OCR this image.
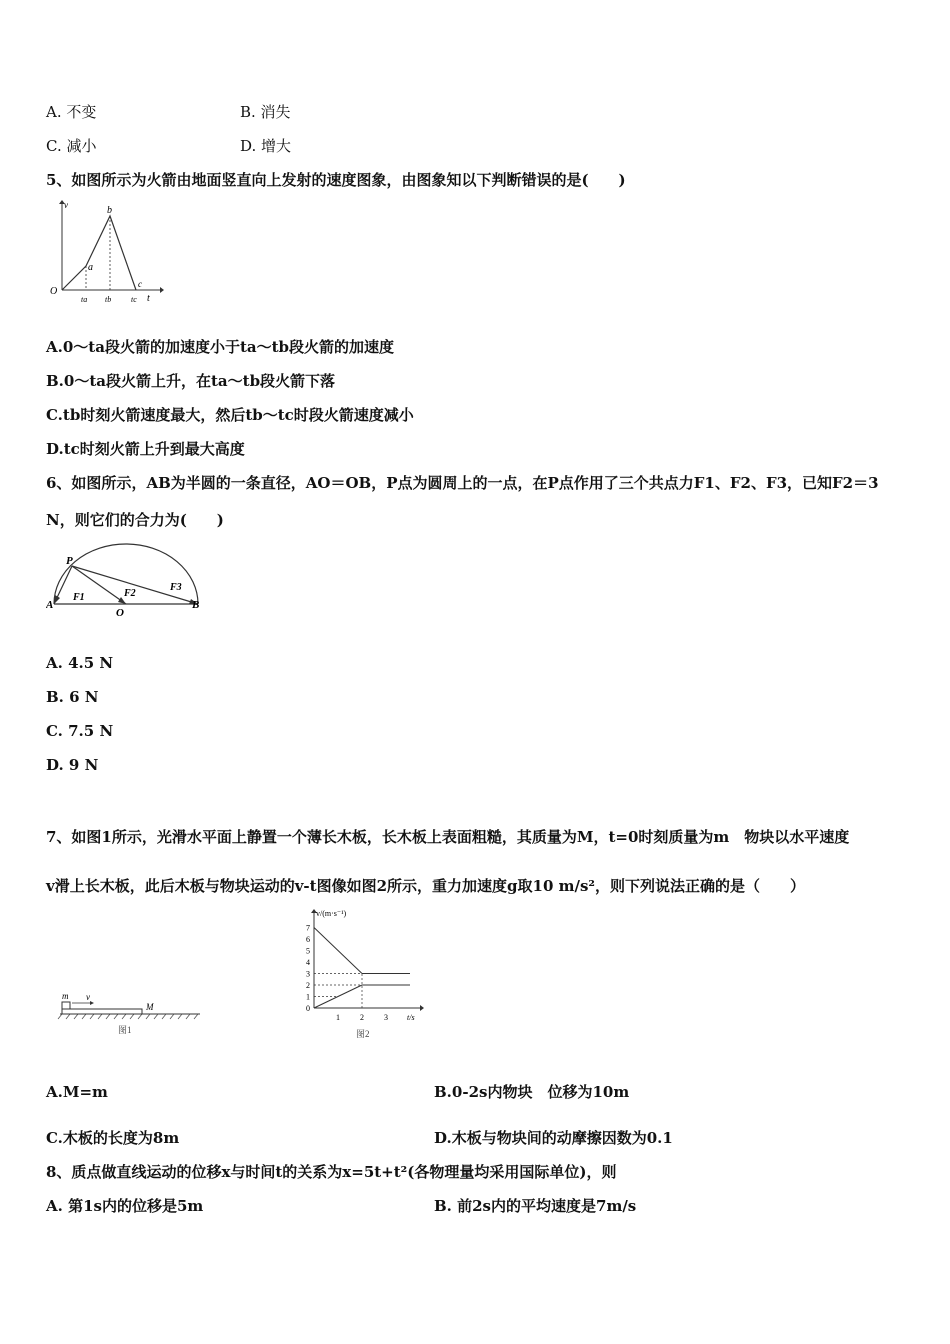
A. 不变	B. 消失
C. 减小	D. 增大
5、如图所示为火箭由地面竖直向上发射的速度图象，由图象知以下判断错误的是(　　)
v
O
a
b
c
t
ta tb tc
A.0～ta段火箭的加速度小于ta～tb段火箭的加速度
B.0～ta段火箭上升，在ta～tb段火箭下落
C.tb时刻火箭速度最大，然后tb～tc时段火箭速度减小
D.tc时刻火箭上升到最大高度
6、如图所示，AB为半圆的一条直径，AO＝OB，P点为圆周上的一点，在P点作用了三个共点力F1、F2、F3，已知F2＝3
N，则它们的合力为(　　)
P
A
O
B
F1	F2
F3
A. 4.5 N
B. 6 N
C. 7.5 N
D. 9 N
7、如图1所示，光滑水平面上静置一个薄长木板，长木板上表面粗糙，其质量为M，t=0时刻质量为m　物块以水平速度
v滑上长木板，此后木板与物块运动的v-t图像如图2所示，重力加速度g取10 m/s²，则下列说法正确的是（　　）
m v
M
图1
v/(m·s⁻¹)
t/s
0
1
2
3
4
5
6
7
1	2	3
图2
A.M=m	B.0-2s内物块　位移为10m
C.木板的长度为8m	D.木板与物块间的动摩擦因数为0.1
8、质点做直线运动的位移x与时间t的关系为x=5t+t²(各物理量均采用国际单位)，则
A. 第1s内的位移是5m	B. 前2s内的平均速度是7m/s
